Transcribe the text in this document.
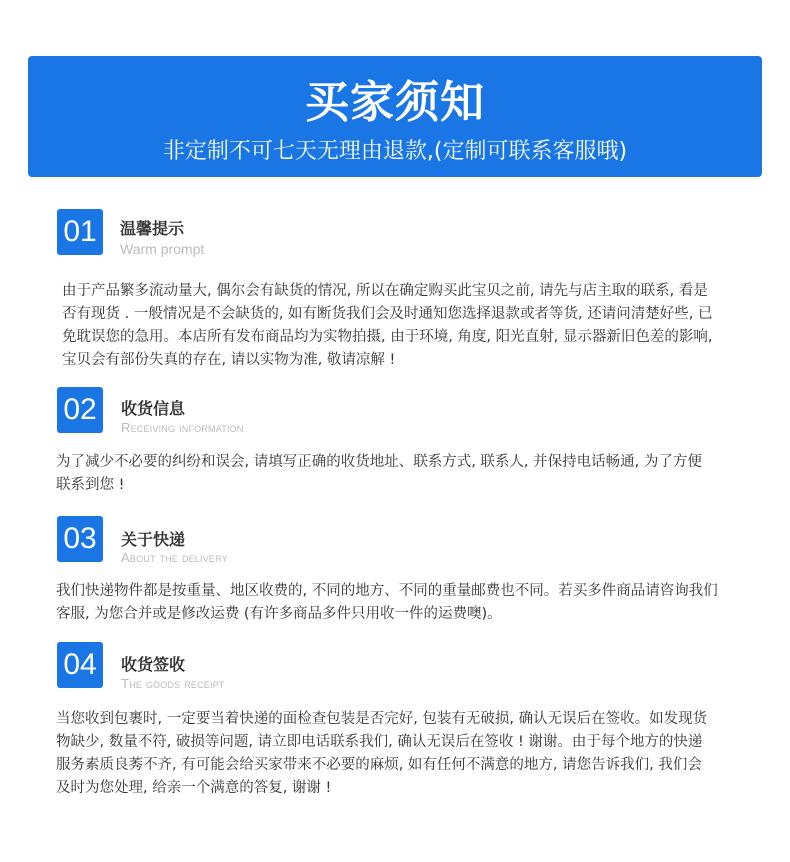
买家须知
非定制不可七天无理由退款,(定制可联系客服哦)
01	温馨提示
Warm prompt

由于产品繁多流动量大, 偶尔会有缺货的情况, 所以在确定购买此宝贝之前, 请先与店主取的联系, 看是

否有现货 . 一般情况是不会缺货的, 如有断货我们会及时通知您选择退款或者等货, 还请问清楚好些, 已

免耽误您的急用。本店所有发布商品均为实物拍摄, 由于环境, 角度, 阳光直射, 显示器新旧色差的影响,

宝贝会有部份失真的存在, 请以实物为准, 敬请凉解 !

02	收货信息
Receiving information

为了减少不必要的纠纷和误会, 请填写正确的收货地址、联系方式, 联系人, 并保持电话畅通, 为了方便

联系到您 !

03	关于快递
About the delivery

我们快递物件都是按重量、地区收费的, 不同的地方、不同的重量邮费也不同。若买多件商品请咨询我们

客服, 为您合并或是修改运费 (有许多商品多件只用收一件的运费噢)。

04	收货签收
The goods receipt

当您收到包裹时, 一定要当着快递的面检查包装是否完好, 包装有无破损, 确认无误后在签收。如发现货

物缺少, 数量不符, 破损等问题, 请立即电话联系我们, 确认无误后在签收 ! 谢谢。由于每个地方的快递

服务素质良莠不齐, 有可能会给买家带来不必要的麻烦, 如有任何不满意的地方, 请您告诉我们, 我们会

及时为您处理, 给亲一个满意的答复, 谢谢 !
